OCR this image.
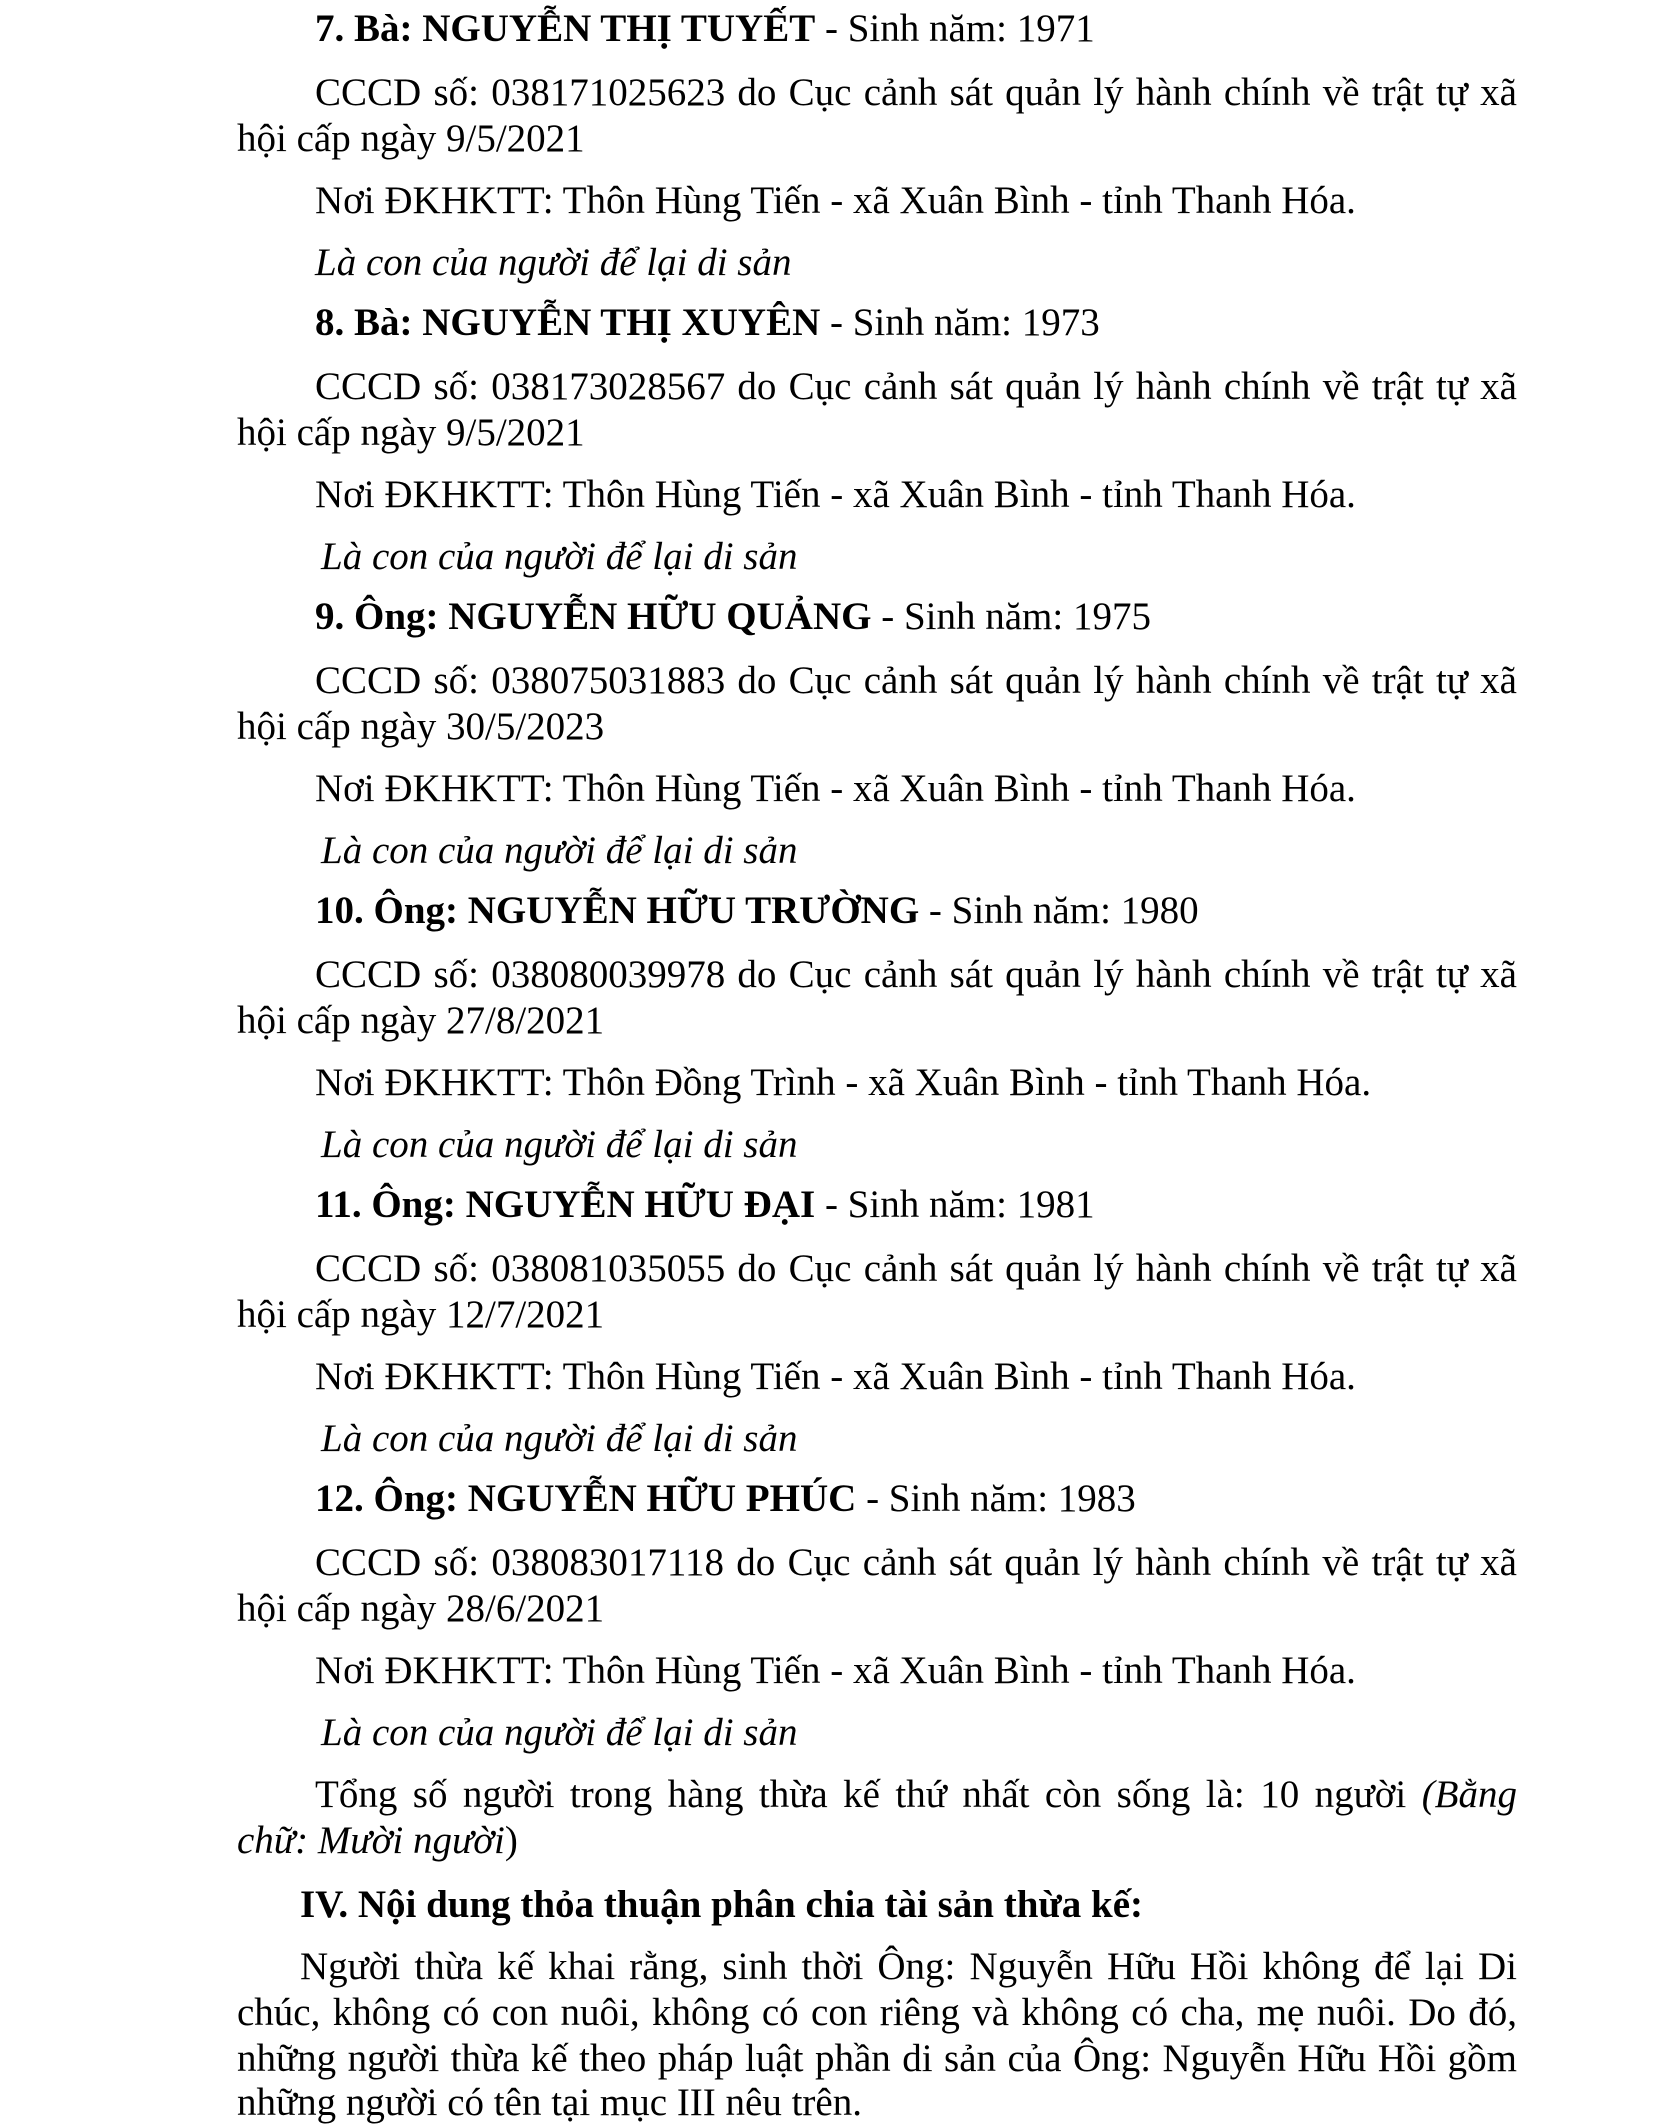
7. Bà: NGUYỄN THỊ TUYẾT - Sinh năm: 1971
CCCD số: 038171025623 do Cục cảnh sát quản lý hành chính về trật tự xã
hội cấp ngày 9/5/2021
Nơi ĐKHKTT: Thôn Hùng Tiến - xã Xuân Bình - tỉnh Thanh Hóa.
Là con của người để lại di sản
8. Bà: NGUYỄN THỊ XUYÊN - Sinh năm: 1973
CCCD số: 038173028567 do Cục cảnh sát quản lý hành chính về trật tự xã
hội cấp ngày 9/5/2021
Nơi ĐKHKTT: Thôn Hùng Tiến - xã Xuân Bình - tỉnh Thanh Hóa.
Là con của người để lại di sản
9. Ông: NGUYỄN HỮU QUẢNG - Sinh năm: 1975
CCCD số: 038075031883 do Cục cảnh sát quản lý hành chính về trật tự xã
hội cấp ngày 30/5/2023
Nơi ĐKHKTT: Thôn Hùng Tiến - xã Xuân Bình - tỉnh Thanh Hóa.
Là con của người để lại di sản
10. Ông: NGUYỄN HỮU TRƯỜNG - Sinh năm: 1980
CCCD số: 038080039978 do Cục cảnh sát quản lý hành chính về trật tự xã
hội cấp ngày 27/8/2021
Nơi ĐKHKTT: Thôn Đồng Trình - xã Xuân Bình - tỉnh Thanh Hóa.
Là con của người để lại di sản
11. Ông: NGUYỄN HỮU ĐẠI - Sinh năm: 1981
CCCD số: 038081035055 do Cục cảnh sát quản lý hành chính về trật tự xã
hội cấp ngày 12/7/2021
Nơi ĐKHKTT: Thôn Hùng Tiến - xã Xuân Bình - tỉnh Thanh Hóa.
Là con của người để lại di sản
12. Ông: NGUYỄN HỮU PHÚC - Sinh năm: 1983
CCCD số: 038083017118 do Cục cảnh sát quản lý hành chính về trật tự xã
hội cấp ngày 28/6/2021
Nơi ĐKHKTT: Thôn Hùng Tiến - xã Xuân Bình - tỉnh Thanh Hóa.
Là con của người để lại di sản
Tổng số người trong hàng thừa kế thứ nhất còn sống là: 10 người (Bằng
chữ: Mười người)
IV. Nội dung thỏa thuận phân chia tài sản thừa kế:
Người thừa kế khai rằng, sinh thời Ông: Nguyễn Hữu Hồi không để lại Di
chúc, không có con nuôi, không có con riêng và không có cha, mẹ nuôi. Do đó,
những người thừa kế theo pháp luật phần di sản của Ông: Nguyễn Hữu Hồi gồm
những người có tên tại mục III nêu trên.
